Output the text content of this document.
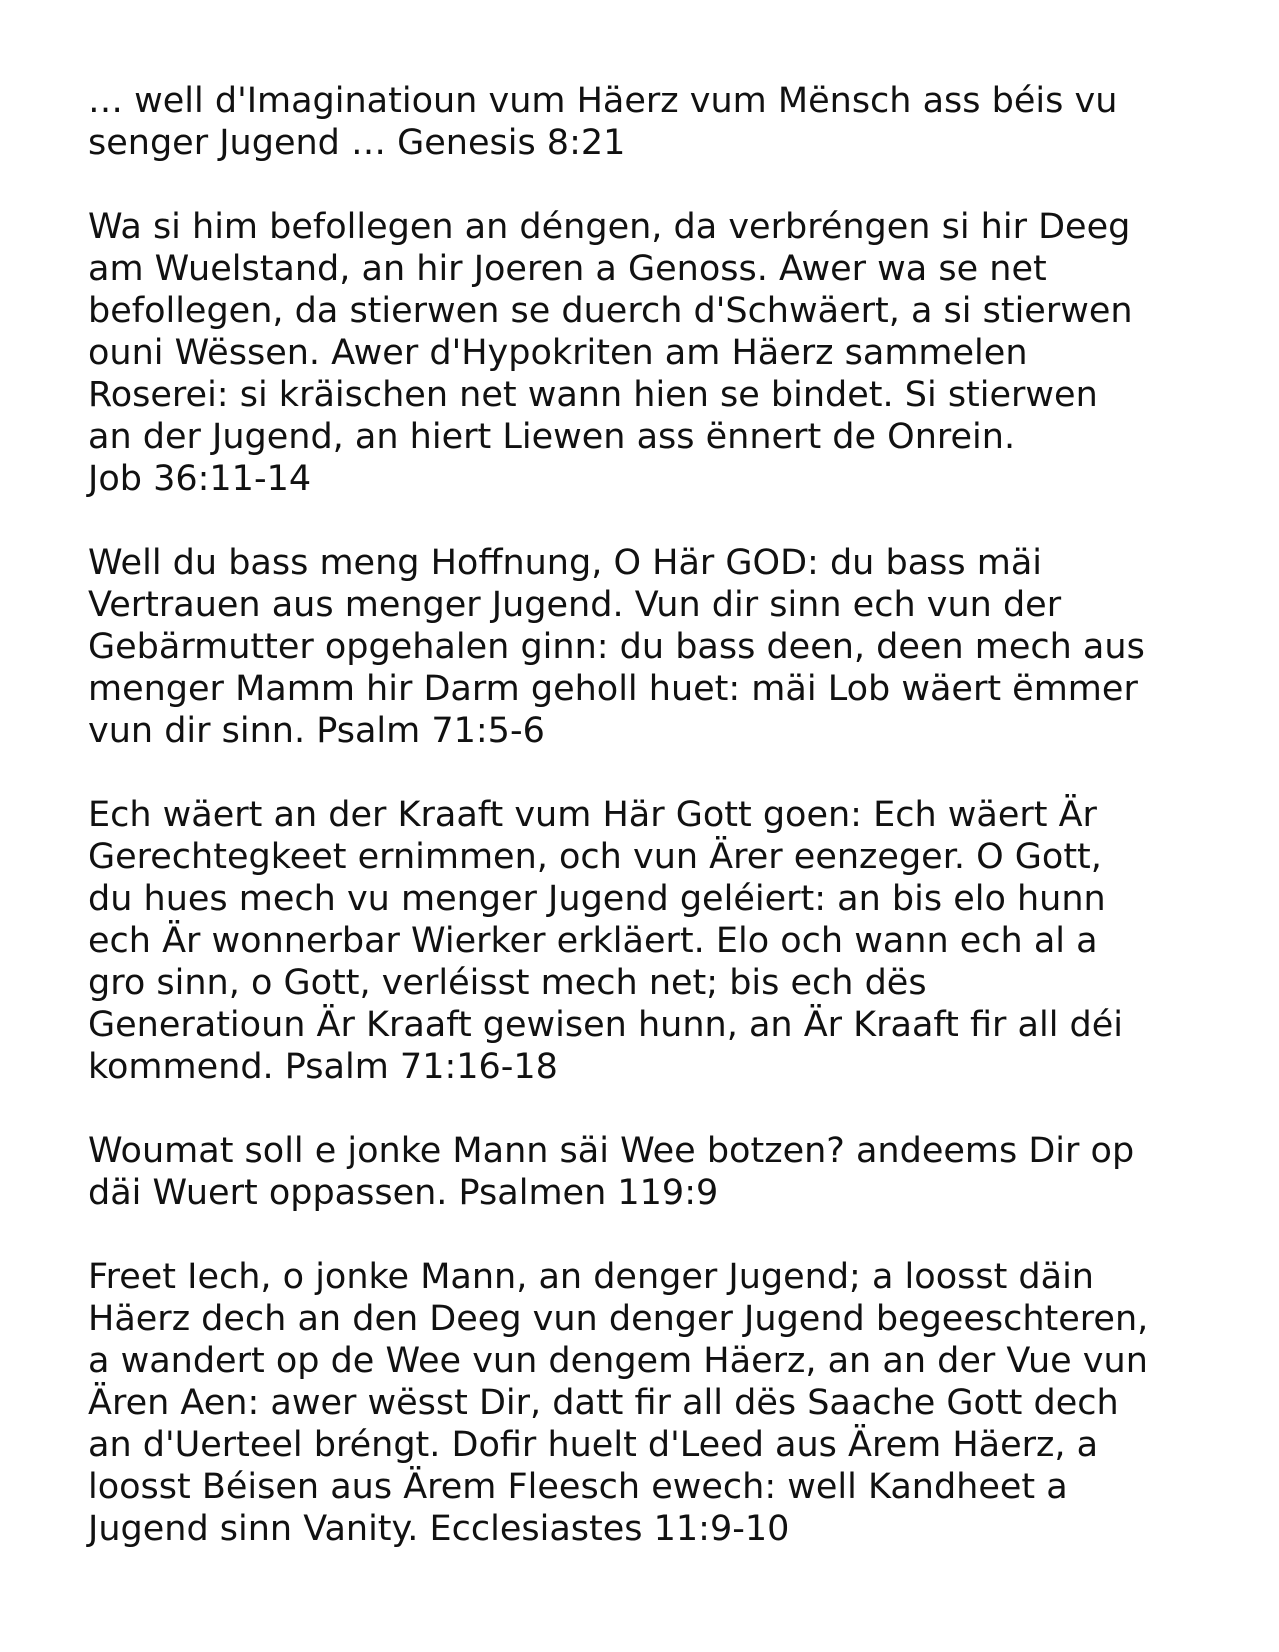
… well d'Imaginatioun vum Häerz vum Mënsch ass béis vu
senger Jugend … Genesis 8:21

Wa si him befollegen an déngen, da verbréngen si hir Deeg
am Wuelstand, an hir Joeren a Genoss. Awer wa se net
befollegen, da stierwen se duerch d'Schwäert, a si stierwen
ouni Wëssen. Awer d'Hypokriten am Häerz sammelen
Roserei: si kräischen net wann hien se bindet. Si stierwen
an der Jugend, an hiert Liewen ass ënnert de Onrein.
Job 36:11-14

Well du bass meng Hoffnung, O Här GOD: du bass mäi
Vertrauen aus menger Jugend. Vun dir sinn ech vun der
Gebärmutter opgehalen ginn: du bass deen, deen mech aus
menger Mamm hir Darm geholl huet: mäi Lob wäert ëmmer
vun dir sinn. Psalm 71:5-6

Ech wäert an der Kraaft vum Här Gott goen: Ech wäert Är
Gerechtegkeet ernimmen, och vun Ärer eenzeger. O Gott,
du hues mech vu menger Jugend geléiert: an bis elo hunn
ech Är wonnerbar Wierker erkläert. Elo och wann ech al a
gro sinn, o Gott, verléisst mech net; bis ech dës
Generatioun Är Kraaft gewisen hunn, an Är Kraaft fir all déi
kommend. Psalm 71:16-18

Woumat soll e jonke Mann säi Wee botzen? andeems Dir op
däi Wuert oppassen. Psalmen 119:9

Freet Iech, o jonke Mann, an denger Jugend; a loosst däin
Häerz dech an den Deeg vun denger Jugend begeeschteren,
a wandert op de Wee vun dengem Häerz, an an der Vue vun
Ären Aen: awer wësst Dir, datt fir all dës Saache Gott dech
an d'Uerteel bréngt. Dofir huelt d'Leed aus Ärem Häerz, a
loosst Béisen aus Ärem Fleesch ewech: well Kandheet a
Jugend sinn Vanity. Ecclesiastes 11:9-10
